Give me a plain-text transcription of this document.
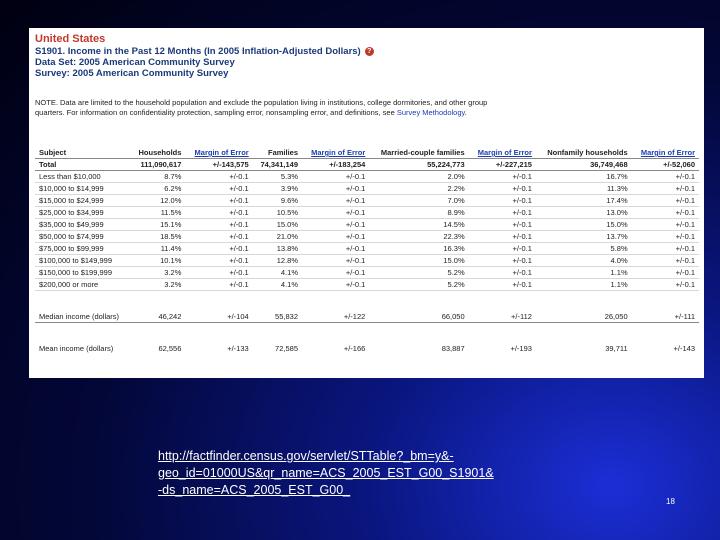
United States
S1901. Income in the Past 12 Months (In 2005 Inflation-Adjusted Dollars) ?
Data Set: 2005 American Community Survey
Survey: 2005 American Community Survey
NOTE. Data are limited to the household population and exclude the population living in institutions, college dormitories, and other group quarters. For information on confidentiality protection, sampling error, nonsampling error, and definitions, see Survey Methodology.
Subject	Households	Margin of Error	Families	Margin of Error	Married-couple families	Margin of Error	Nonfamily households	Margin of Error
Total	111,090,617	+/-143,575	74,341,149	+/-183,254	55,224,773	+/-227,215	36,749,468	+/-52,060
Less than $10,000	8.7%	+/-0.1	5.3%	+/-0.1	2.0%	+/-0.1	16.7%	+/-0.1
$10,000 to $14,999	6.2%	+/-0.1	3.9%	+/-0.1	2.2%	+/-0.1	11.3%	+/-0.1
$15,000 to $24,999	12.0%	+/-0.1	9.6%	+/-0.1	7.0%	+/-0.1	17.4%	+/-0.1
$25,000 to $34,999	11.5%	+/-0.1	10.5%	+/-0.1	8.9%	+/-0.1	13.0%	+/-0.1
$35,000 to $49,999	15.1%	+/-0.1	15.0%	+/-0.1	14.5%	+/-0.1	15.0%	+/-0.1
$50,000 to $74,999	18.5%	+/-0.1	21.0%	+/-0.1	22.3%	+/-0.1	13.7%	+/-0.1
$75,000 to $99,999	11.4%	+/-0.1	13.8%	+/-0.1	16.3%	+/-0.1	5.8%	+/-0.1
$100,000 to $149,999	10.1%	+/-0.1	12.8%	+/-0.1	15.0%	+/-0.1	4.0%	+/-0.1
$150,000 to $199,999	3.2%	+/-0.1	4.1%	+/-0.1	5.2%	+/-0.1	1.1%	+/-0.1
$200,000 or more	3.2%	+/-0.1	4.1%	+/-0.1	5.2%	+/-0.1	1.1%	+/-0.1

Median income (dollars)	46,242	+/-104	55,832	+/-122	66,050	+/-112	26,050	+/-111

Mean income (dollars)	62,556	+/-133	72,585	+/-166	83,887	+/-193	39,711	+/-143
http://factfinder.census.gov/servlet/STTable?_bm=y&-
geo_id=01000US&qr_name=ACS_2005_EST_G00_S1901&
-ds_name=ACS_2005_EST_G00_
18
